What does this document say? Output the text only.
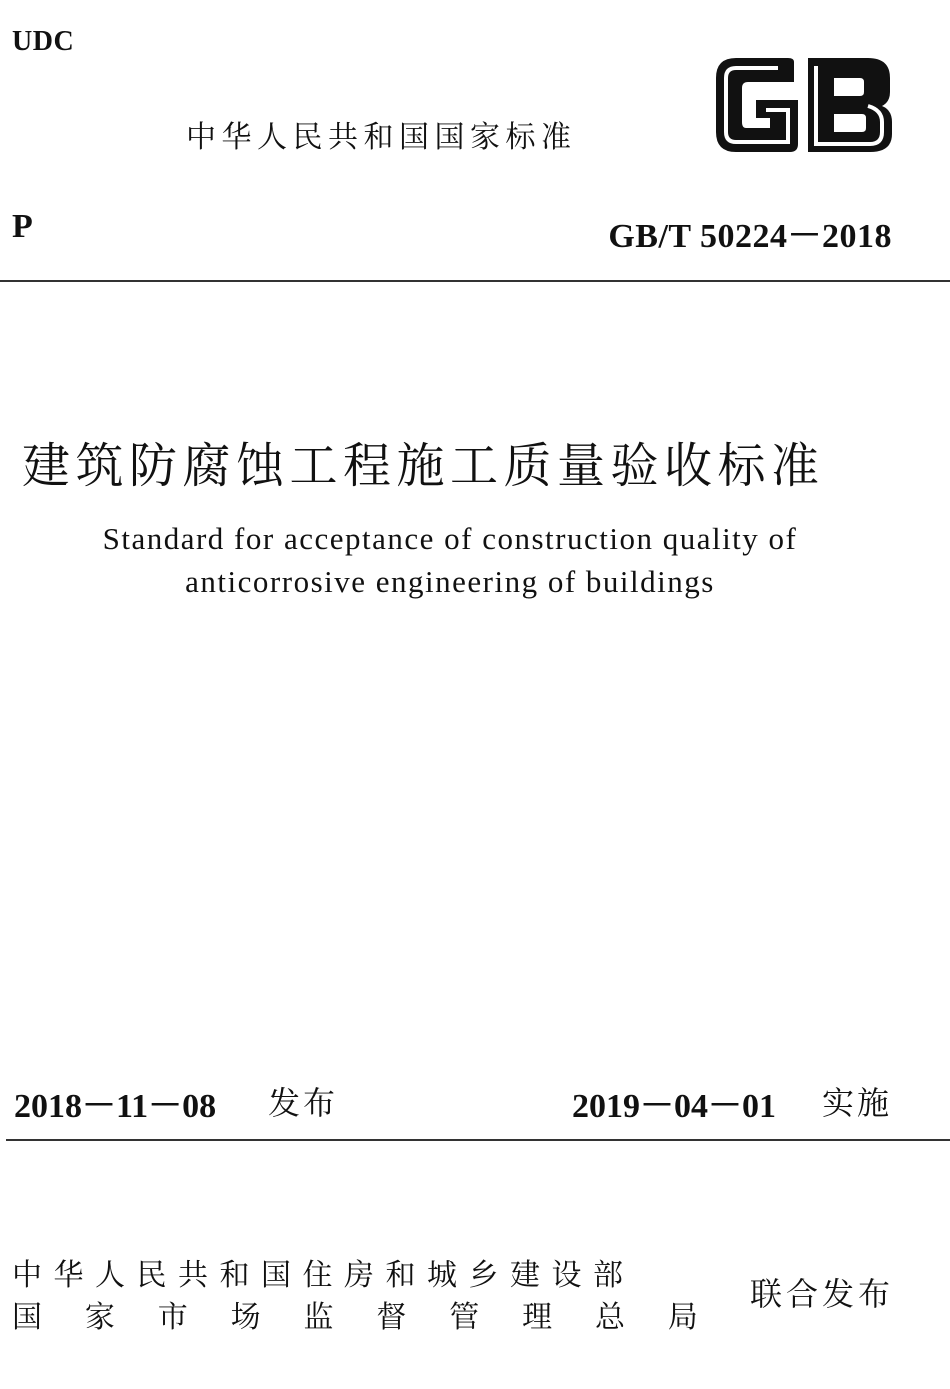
UDC
中华人民共和国国家标准
P	GB/T 50224－2018
建筑防腐蚀工程施工质量验收标准
Standard for acceptance of construction quality of
anticorrosive engineering of buildings
2018－11－08 发布	2019－04－01 实施
中华人民共和国住房和城乡建设部
国 家 市 场 监 督 管 理 总 局
联合发布
